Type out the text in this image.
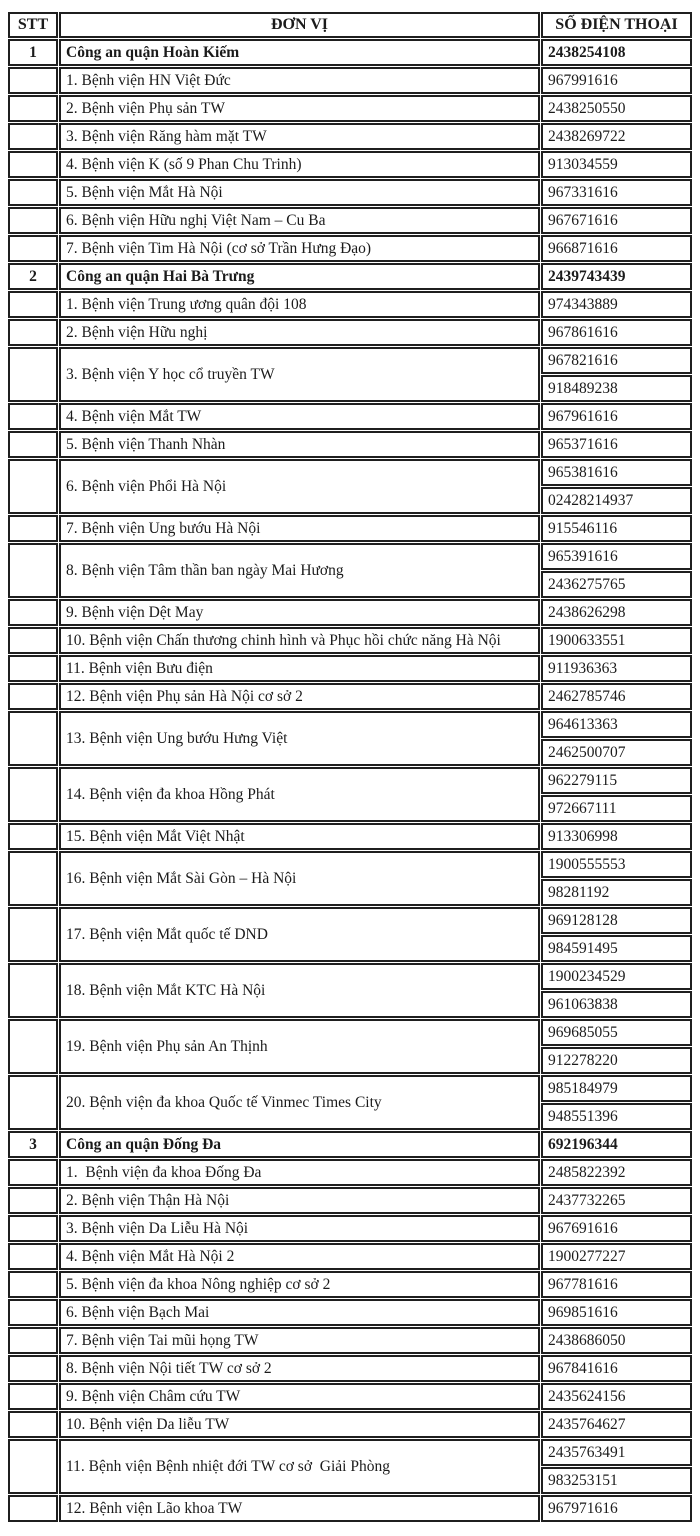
STT	ĐƠN VỊ	SỐ ĐIỆN THOẠI
1	Công an quận Hoàn Kiếm	2438254108
	1. Bệnh viện HN Việt Đức	967991616
	2. Bệnh viện Phụ sản TW	2438250550
	3. Bệnh viện Răng hàm mặt TW	2438269722
	4. Bệnh viện K (số 9 Phan Chu Trinh)	913034559
	5. Bệnh viện Mắt Hà Nội	967331616
	6. Bệnh viện Hữu nghị Việt Nam – Cu Ba	967671616
	7. Bệnh viện Tim Hà Nội (cơ sở Trần Hưng Đạo)	966871616
2	Công an quận Hai Bà Trưng	2439743439
	1. Bệnh viện Trung ương quân đội 108	974343889
	2. Bệnh viện Hữu nghị	967861616
	3. Bệnh viện Y học cổ truyền TW	967821616
		918489238
	4. Bệnh viện Mắt TW	967961616
	5. Bệnh viện Thanh Nhàn	965371616
	6. Bệnh viện Phổi Hà Nội	965381616
		02428214937
	7. Bệnh viện Ung bướu Hà Nội	915546116
	8. Bệnh viện Tâm thần ban ngày Mai Hương	965391616
		2436275765
	9. Bệnh viện Dệt May	2438626298
	10. Bệnh viện Chấn thương chinh hình và Phục hồi chức năng Hà Nội	1900633551
	11. Bệnh viện Bưu điện	911936363
	12. Bệnh viện Phụ sản Hà Nội cơ sở 2	2462785746
	13. Bệnh viện Ung bướu Hưng Việt	964613363
		2462500707
	14. Bệnh viện đa khoa Hồng Phát	962279115
		972667111
	15. Bệnh viện Mắt Việt Nhật	913306998
	16. Bệnh viện Mắt Sài Gòn – Hà Nội	1900555553
		98281192
	17. Bệnh viện Mắt quốc tế DND	969128128
		984591495
	18. Bệnh viện Mắt KTC Hà Nội	1900234529
		961063838
	19. Bệnh viện Phụ sản An Thịnh	969685055
		912278220
	20. Bệnh viện đa khoa Quốc tế Vinmec Times City	985184979
		948551396
3	Công an quận Đống Đa	692196344
	1.  Bệnh viện đa khoa Đống Đa	2485822392
	2. Bệnh viện Thận Hà Nội	2437732265
	3. Bệnh viện Da Liễu Hà Nội	967691616
	4. Bệnh viện Mắt Hà Nội 2	1900277227
	5. Bệnh viện đa khoa Nông nghiệp cơ sở 2	967781616
	6. Bệnh viện Bạch Mai	969851616
	7. Bệnh viện Tai mũi họng TW	2438686050
	8. Bệnh viện Nội tiết TW cơ sở 2	967841616
	9. Bệnh viện Châm cứu TW	2435624156
	10. Bệnh viện Da liễu TW	2435764627
	11. Bệnh viện Bệnh nhiệt đới TW cơ sở  Giải Phòng	2435763491
		983253151
	12. Bệnh viện Lão khoa TW	967971616
